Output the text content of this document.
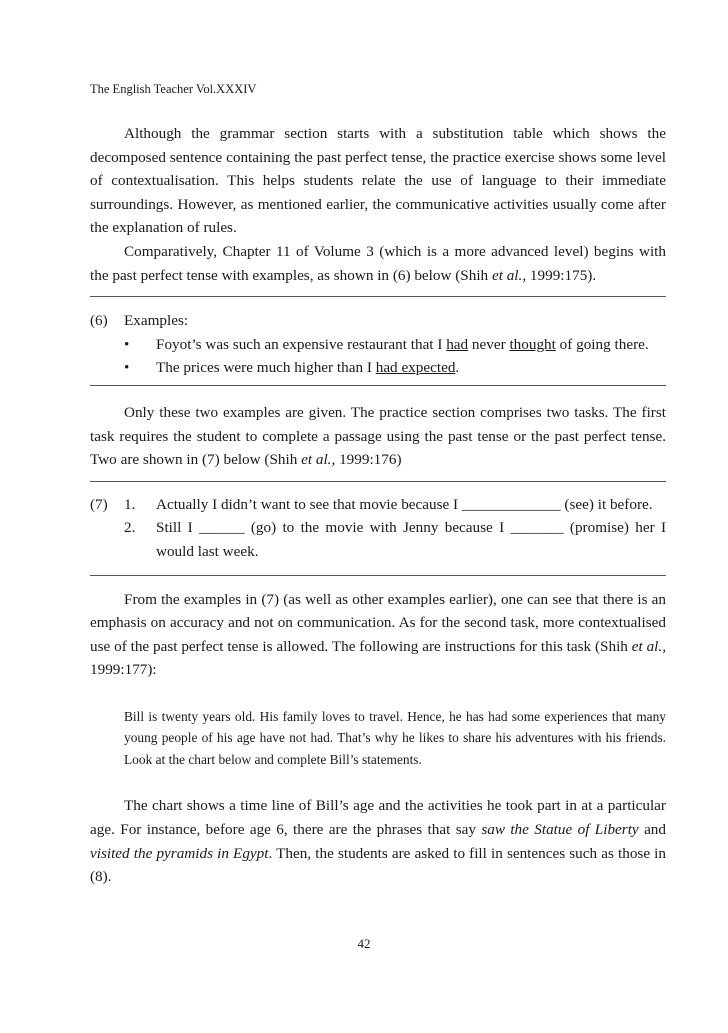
The English Teacher Vol.XXXIV

Although the grammar section starts with a substitution table which shows the decomposed sentence containing the past perfect tense, the practice exercise shows some level of contextualisation. This helps students relate the use of language to their immediate surroundings. However, as mentioned earlier, the communicative activities usually come after the explanation of rules.

Comparatively, Chapter 11 of Volume 3 (which is a more advanced level) begins with the past perfect tense with examples, as shown in (6) below (Shih et al., 1999:175).

(6)	Examples:
•	Foyot’s was such an expensive restaurant that I had never thought of going there.
•	The prices were much higher than I had expected.

Only these two examples are given. The practice section comprises two tasks. The first task requires the student to complete a passage using the past tense or the past perfect tense. Two are shown in (7) below (Shih et al., 1999:176)

(7)	1.	Actually I didn’t want to see that movie because I _____________ (see) it before.
2.	Still I ______ (go) to the movie with Jenny because I _______ (promise) her I would last week.

From the examples in (7) (as well as other examples earlier), one can see that there is an emphasis on accuracy and not on communication. As for the second task, more contextualised use of the past perfect tense is allowed. The following are instructions for this task (Shih et al., 1999:177):

Bill is twenty years old. His family loves to travel. Hence, he has had some experiences that many young people of his age have not had. That’s why he likes to share his adventures with his friends. Look at the chart below and complete Bill’s statements.

The chart shows a time line of Bill’s age and the activities he took part in at a particular age. For instance, before age 6, there are the phrases that say saw the Statue of Liberty and visited the pyramids in Egypt. Then, the students are asked to fill in sentences such as those in (8).

42
